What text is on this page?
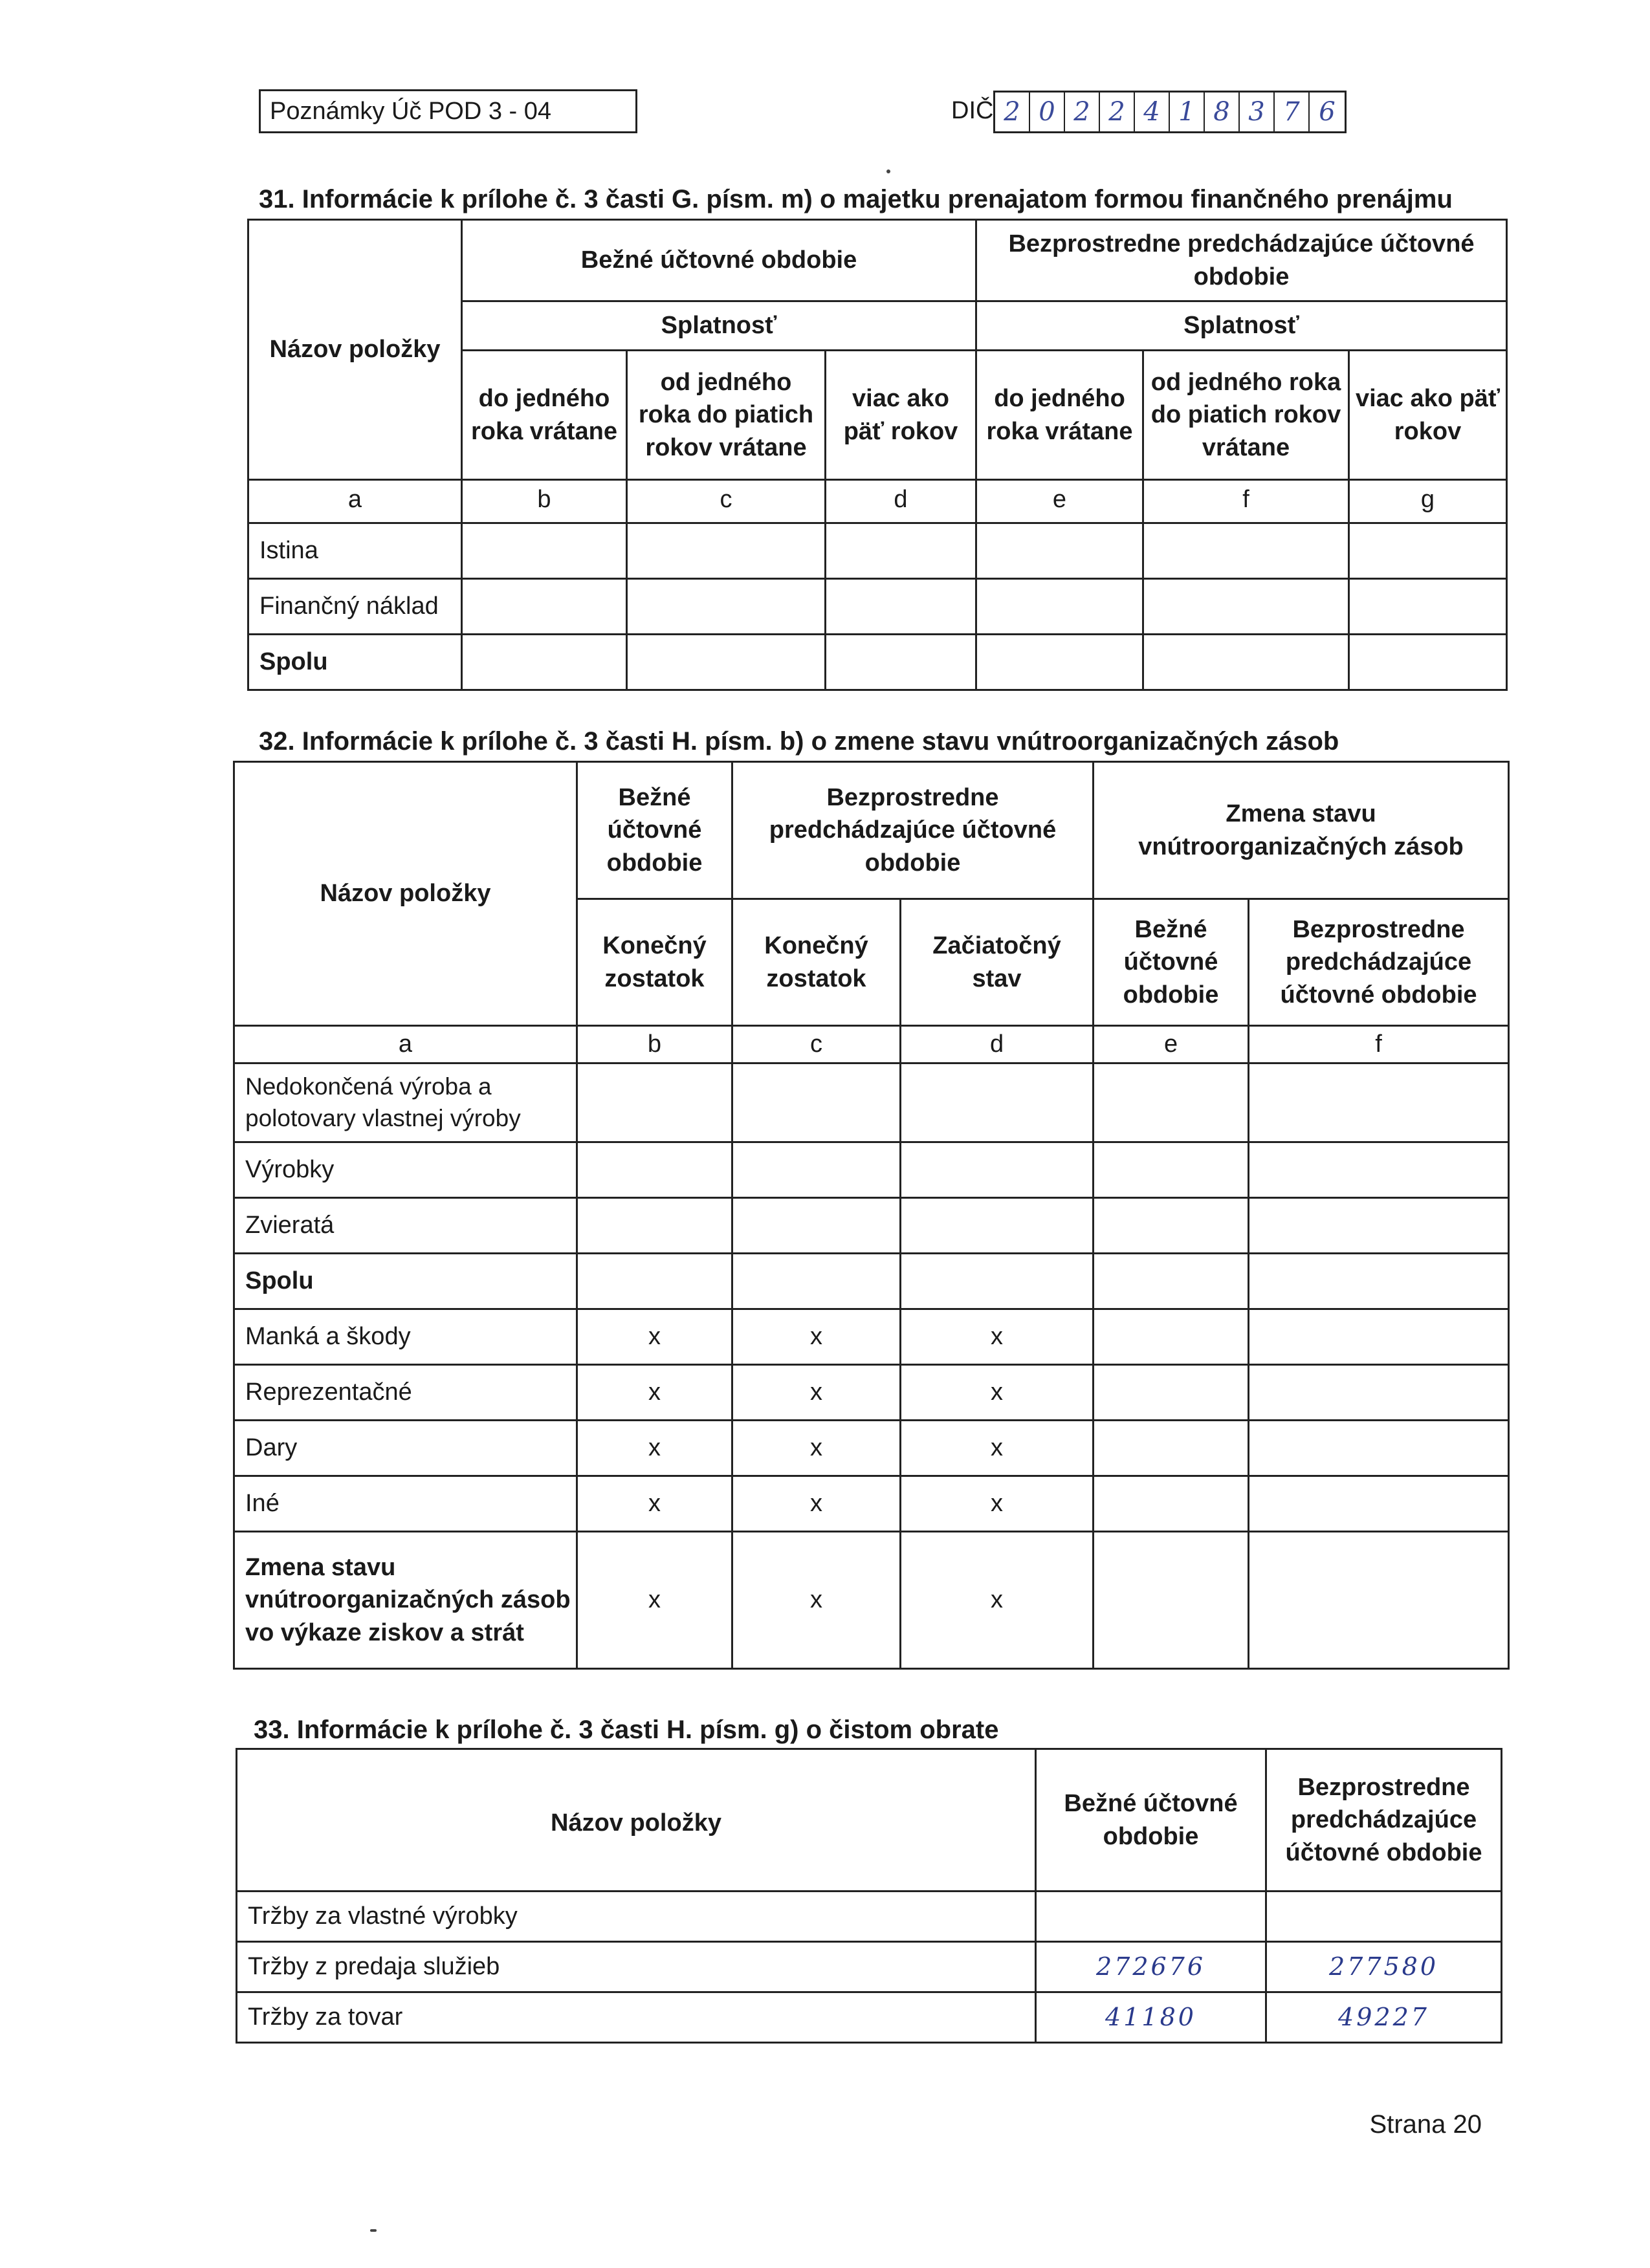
Poznámky Úč POD 3 - 04	DIČ 2 0 2 2 4 1 8 3 7 6
31. Informácie k prílohe č. 3 časti G. písm. m) o majetku prenajatom formou finančného prenájmu
Názov položky	Bežné účtovné obdobie			Bezprostredne predchádzajúce účtovné obdobie		
	Splatnosť			Splatnosť		
	do jedného roka vrátane	od jedného roka do piatich rokov vrátane	viac ako päť rokov	do jedného roka vrátane	od jedného roka do piatich rokov vrátane	viac ako päť rokov

a	b	c	d	e	f	g
Istina						
Finančný náklad						
Spolu						
32. Informácie k prílohe č. 3 časti H. písm. b) o zmene stavu vnútroorganizačných zásob
Názov položky	Bežné účtovné obdobie	Bezprostredne predchádzajúce účtovné obdobie		Zmena stavu vnútroorganizačných zásob	
	Konečný zostatok	Konečný zostatok	Začiatočný stav	Bežné účtovné obdobie	Bezprostredne predchádzajúce účtovné obdobie
a	b	c	d	e	f
Nedokončená výroba a polotovary vlastnej výroby					
Výrobky					
Zvieratá					
Spolu					
Manká a škody	x	x	x		
Reprezentačné	x	x	x		
Dary	x	x	x		
Iné	x	x	x		
Zmena stavu vnútroorganizačných zásob vo výkaze ziskov a strát	x	x	x		
33. Informácie k prílohe č. 3 časti H. písm. g) o čistom obrate
Názov položky	Bežné účtovné obdobie	Bezprostredne predchádzajúce účtovné obdobie
Tržby za vlastné výrobky		
Tržby z predaja služieb	272676	277580
Tržby za tovar	41180	49227
Strana 20
